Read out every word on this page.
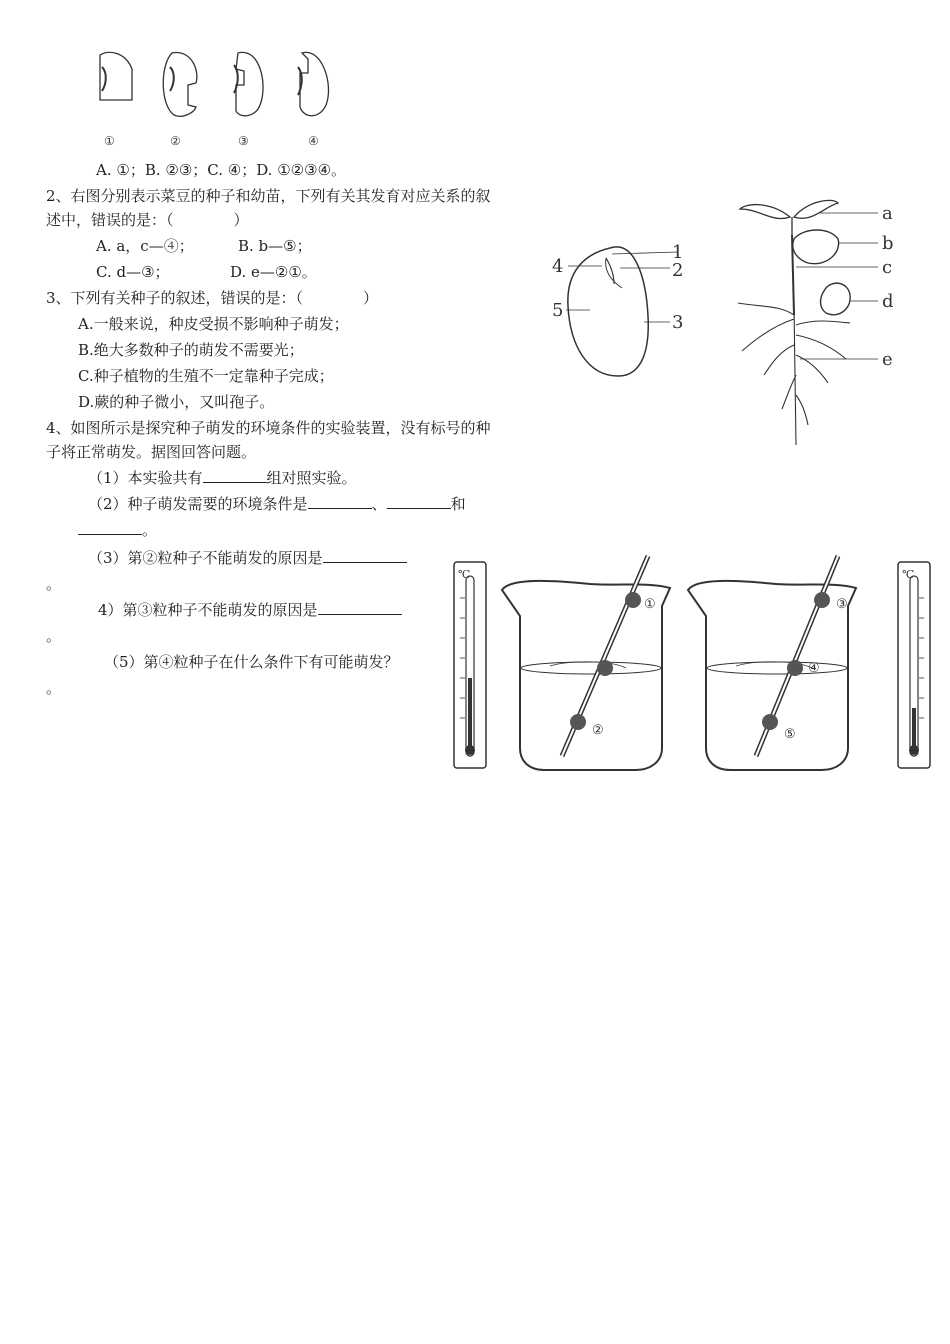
①	②	③	④
A. ①；B. ②③；C. ④；D. ①②③④。
2、右图分别表示菜豆的种子和幼苗，下列有关其发育对应关系的叙
述中，错误的是：（　　　　）
A. a，c—④；	B. b—⑤；
C. d—③；	D. e—②①。
3、下列有关种子的叙述，错误的是：（　　　　）
A.一般来说，种皮受损不影响种子萌发；
B.绝大多数种子的萌发不需要光；
C.种子植物的生殖不一定靠种子完成；
D.蕨的种子微小，又叫孢子。
4、如图所示是探究种子萌发的环境条件的实验装置，没有标号的种
子将正常萌发。据图回答问题。
（1）本实验共有	组对照实验。
（2）种子萌发需要的环境条件是	、	和
。
（3）第②粒种子不能萌发的原因是
。
4）第③粒种子不能萌发的原因是
。
（5）第④粒种子在什么条件下有可能萌发？
。
1
2
3
4
5
a
b
c
d
e
℃
①
②
③
④
⑤
℃
